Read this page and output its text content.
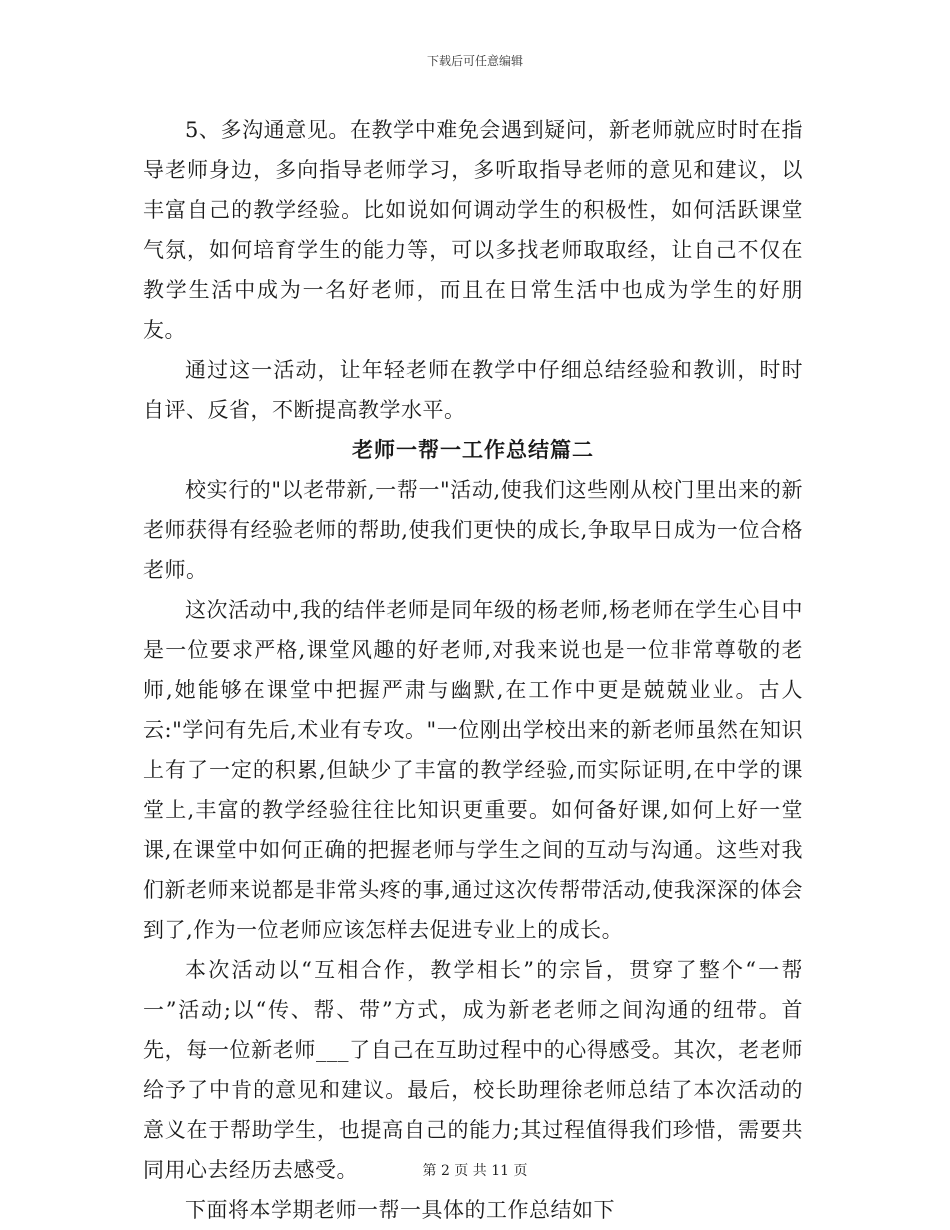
下载后可任意编辑

5、多沟通意见。在教学中难免会遇到疑问，新老师就应时时在指导老师身边，多向指导老师学习，多听取指导老师的意见和建议，以丰富自己的教学经验。比如说如何调动学生的积极性，如何活跃课堂气氛，如何培育学生的能力等，可以多找老师取取经，让自己不仅在教学生活中成为一名好老师，而且在日常生活中也成为学生的好朋友。

通过这一活动，让年轻老师在教学中仔细总结经验和教训，时时自评、反省，不断提高教学水平。

老师一帮一工作总结篇二

校实行的"以老带新,一帮一"活动,使我们这些刚从校门里出来的新老师获得有经验老师的帮助,使我们更快的成长,争取早日成为一位合格老师。

这次活动中,我的结伴老师是同年级的杨老师,杨老师在学生心目中是一位要求严格,课堂风趣的好老师,对我来说也是一位非常尊敬的老师,她能够在课堂中把握严肃与幽默,在工作中更是兢兢业业。古人云:"学问有先后,术业有专攻。"一位刚出学校出来的新老师虽然在知识上有了一定的积累,但缺少了丰富的教学经验,而实际证明,在中学的课堂上,丰富的教学经验往往比知识更重要。如何备好课,如何上好一堂课,在课堂中如何正确的把握老师与学生之间的互动与沟通。这些对我们新老师来说都是非常头疼的事,通过这次传帮带活动,使我深深的体会到了,作为一位老师应该怎样去促进专业上的成长。

本次活动以“互相合作，教学相长”的宗旨，贯穿了整个“一帮一”活动;以“传、帮、带”方式，成为新老老师之间沟通的纽带。首先，每一位新老师___了自己在互助过程中的心得感受。其次，老老师给予了中肯的意见和建议。最后，校长助理徐老师总结了本次活动的意义在于帮助学生，也提高自己的能力;其过程值得我们珍惜，需要共同用心去经历去感受。

下面将本学期老师一帮一具体的工作总结如下

第 2 页 共 11 页
